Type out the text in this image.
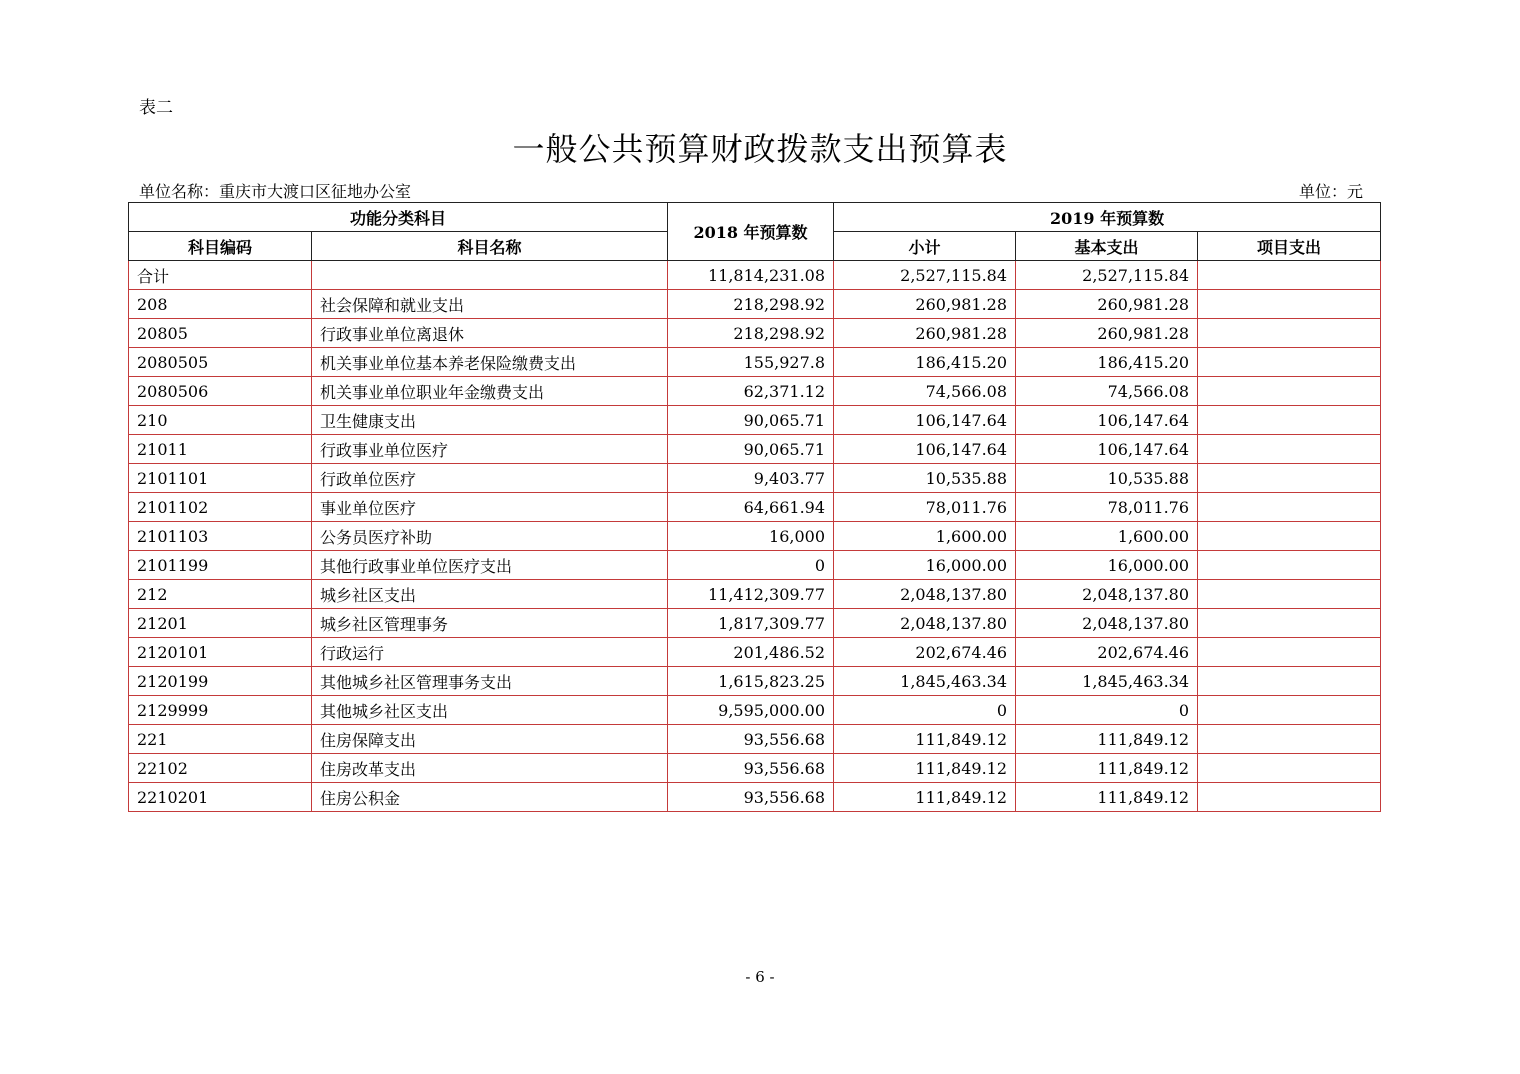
表二
一般公共预算财政拨款支出预算表
单位名称：重庆市大渡口区征地办公室	单位：元
功能分类科目		2018 年预算数	2019 年预算数		
科目编码	科目名称		小计	基本支出	项目支出
合计		11,814,231.08	2,527,115.84	2,527,115.84	
208	社会保障和就业支出	218,298.92	260,981.28	260,981.28	
20805	行政事业单位离退休	218,298.92	260,981.28	260,981.28	
2080505	机关事业单位基本养老保险缴费支出	155,927.8	186,415.20	186,415.20	
2080506	机关事业单位职业年金缴费支出	62,371.12	74,566.08	74,566.08	
210	卫生健康支出	90,065.71	106,147.64	106,147.64	
21011	行政事业单位医疗	90,065.71	106,147.64	106,147.64	
2101101	行政单位医疗	9,403.77	10,535.88	10,535.88	
2101102	事业单位医疗	64,661.94	78,011.76	78,011.76	
2101103	公务员医疗补助	16,000	1,600.00	1,600.00	
2101199	其他行政事业单位医疗支出	0	16,000.00	16,000.00	
212	城乡社区支出	11,412,309.77	2,048,137.80	2,048,137.80	
21201	城乡社区管理事务	1,817,309.77	2,048,137.80	2,048,137.80	
2120101	行政运行	201,486.52	202,674.46	202,674.46	
2120199	其他城乡社区管理事务支出	1,615,823.25	1,845,463.34	1,845,463.34	
2129999	其他城乡社区支出	9,595,000.00	0	0	
221	住房保障支出	93,556.68	111,849.12	111,849.12	
22102	住房改革支出	93,556.68	111,849.12	111,849.12	
2210201	住房公积金	93,556.68	111,849.12	111,849.12	
- 6 -
